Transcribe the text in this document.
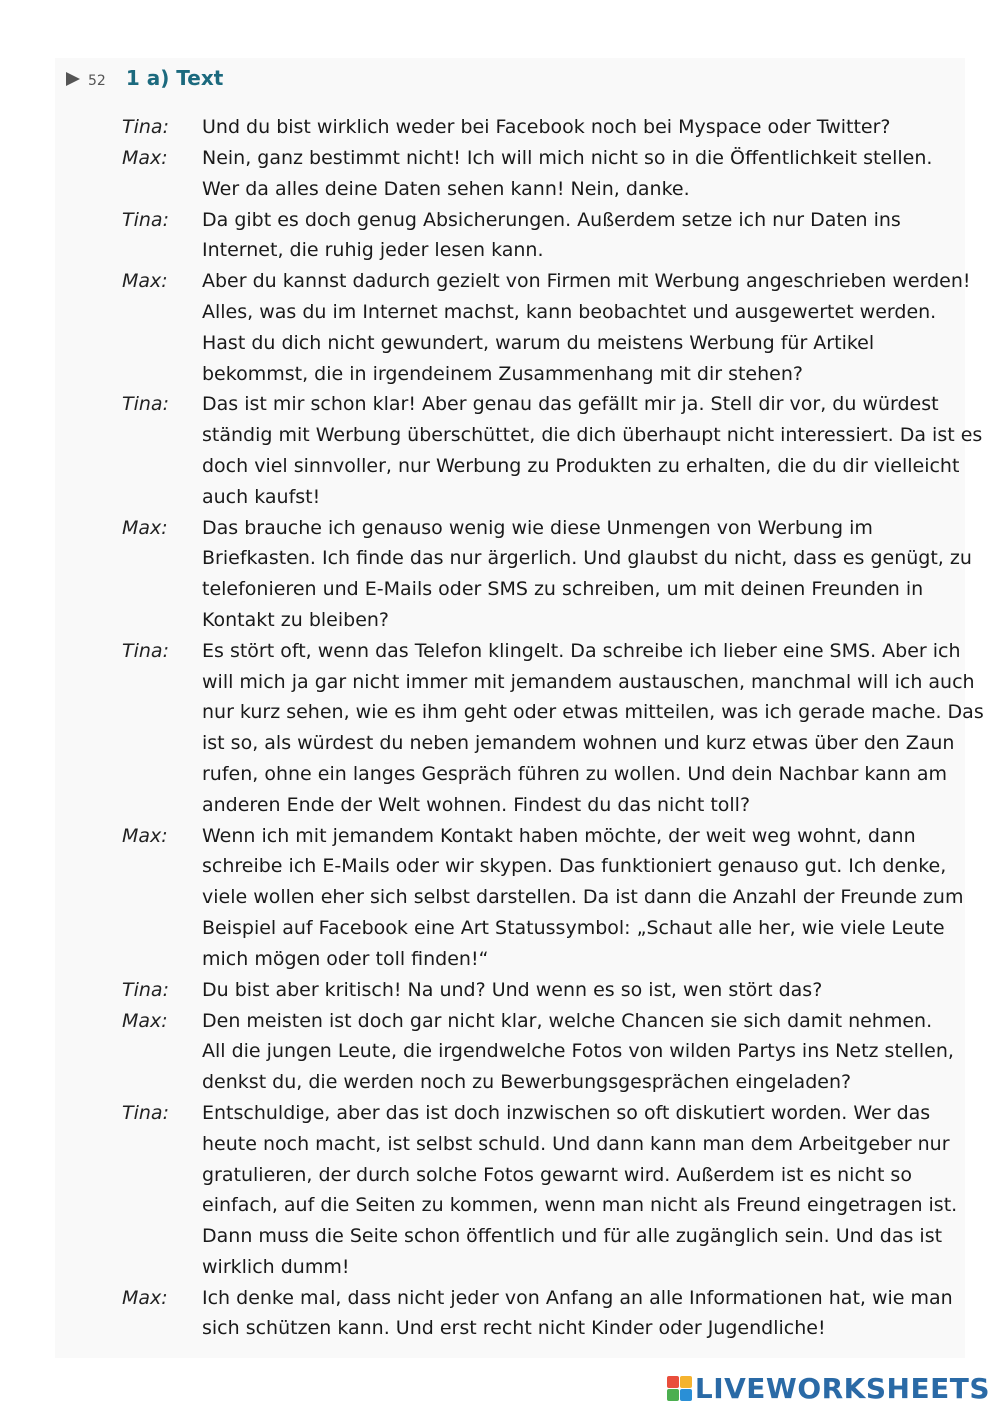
52 1 a) Text
Tina:	Und du bist wirklich weder bei Facebook noch bei Myspace oder Twitter?
Max:	Nein, ganz bestimmt nicht! Ich will mich nicht so in die Öffentlichkeit stellen.
Wer da alles deine Daten sehen kann! Nein, danke.
Tina:	Da gibt es doch genug Absicherungen. Außerdem setze ich nur Daten ins
Internet, die ruhig jeder lesen kann.
Max:	Aber du kannst dadurch gezielt von Firmen mit Werbung angeschrieben werden!
Alles, was du im Internet machst, kann beobachtet und ausgewertet werden.
Hast du dich nicht gewundert, warum du meistens Werbung für Artikel
bekommst, die in irgendeinem Zusammenhang mit dir stehen?
Tina:	Das ist mir schon klar! Aber genau das gefällt mir ja. Stell dir vor, du würdest
ständig mit Werbung überschüttet, die dich überhaupt nicht interessiert. Da ist es
doch viel sinnvoller, nur Werbung zu Produkten zu erhalten, die du dir vielleicht
auch kaufst!
Max:	Das brauche ich genauso wenig wie diese Unmengen von Werbung im
Briefkasten. Ich finde das nur ärgerlich. Und glaubst du nicht, dass es genügt, zu
telefonieren und E-Mails oder SMS zu schreiben, um mit deinen Freunden in
Kontakt zu bleiben?
Tina:	Es stört oft, wenn das Telefon klingelt. Da schreibe ich lieber eine SMS. Aber ich
will mich ja gar nicht immer mit jemandem austauschen, manchmal will ich auch
nur kurz sehen, wie es ihm geht oder etwas mitteilen, was ich gerade mache. Das
ist so, als würdest du neben jemandem wohnen und kurz etwas über den Zaun
rufen, ohne ein langes Gespräch führen zu wollen. Und dein Nachbar kann am
anderen Ende der Welt wohnen. Findest du das nicht toll?
Max:	Wenn ich mit jemandem Kontakt haben möchte, der weit weg wohnt, dann
schreibe ich E-Mails oder wir skypen. Das funktioniert genauso gut. Ich denke,
viele wollen eher sich selbst darstellen. Da ist dann die Anzahl der Freunde zum
Beispiel auf Facebook eine Art Statussymbol: „Schaut alle her, wie viele Leute
mich mögen oder toll finden!“
Tina:	Du bist aber kritisch! Na und? Und wenn es so ist, wen stört das?
Max:	Den meisten ist doch gar nicht klar, welche Chancen sie sich damit nehmen.
All die jungen Leute, die irgendwelche Fotos von wilden Partys ins Netz stellen,
denkst du, die werden noch zu Bewerbungsgesprächen eingeladen?
Tina:	Entschuldige, aber das ist doch inzwischen so oft diskutiert worden. Wer das
heute noch macht, ist selbst schuld. Und dann kann man dem Arbeitgeber nur
gratulieren, der durch solche Fotos gewarnt wird. Außerdem ist es nicht so
einfach, auf die Seiten zu kommen, wenn man nicht als Freund eingetragen ist.
Dann muss die Seite schon öffentlich und für alle zugänglich sein. Und das ist
wirklich dumm!
Max:	Ich denke mal, dass nicht jeder von Anfang an alle Informationen hat, wie man
sich schützen kann. Und erst recht nicht Kinder oder Jugendliche!
LIVEWORKSHEETS
